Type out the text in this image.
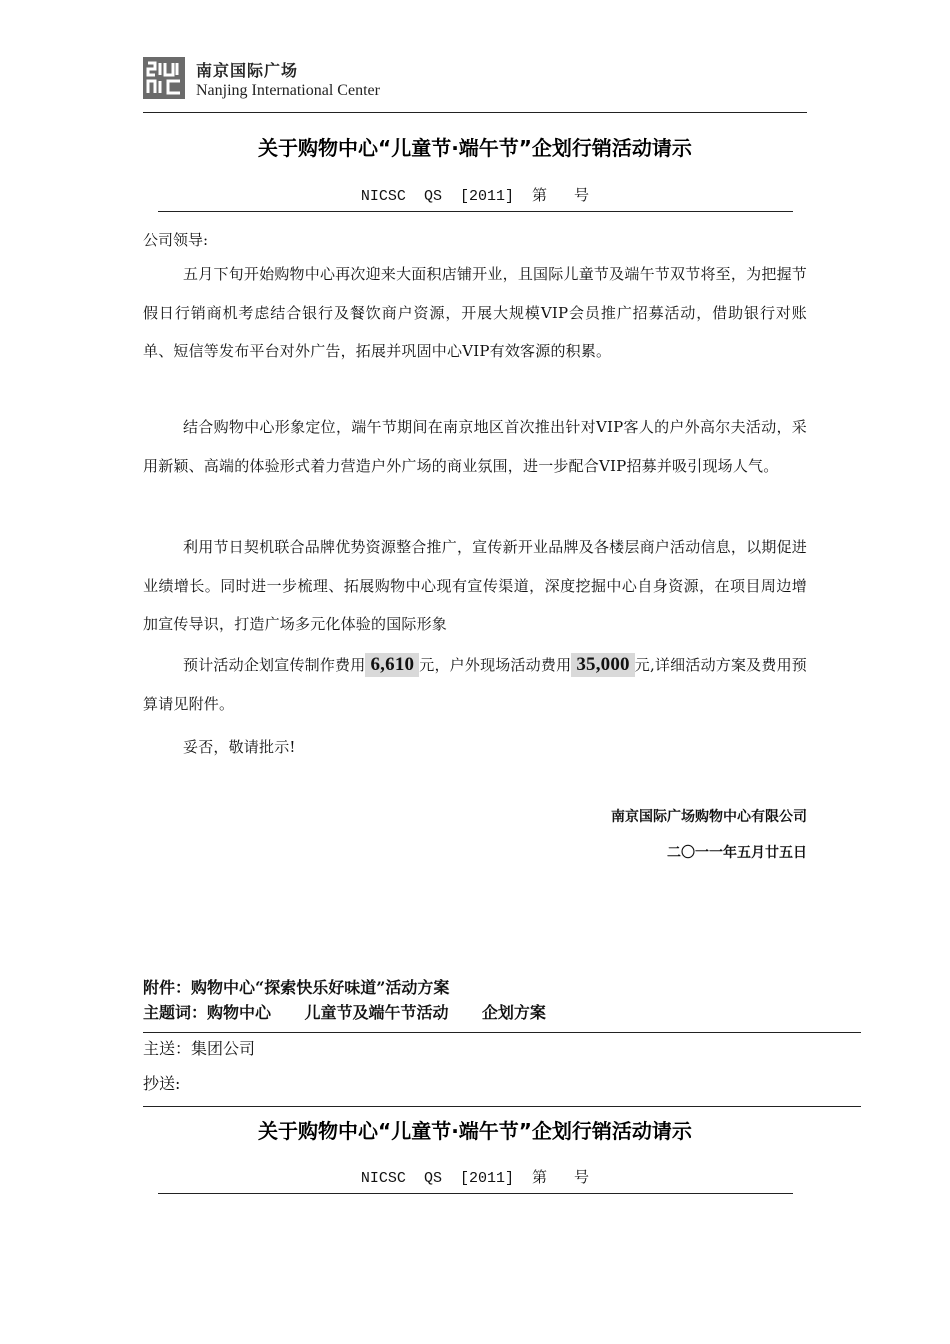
南京国际广场
Nanjing International Center
关于购物中心“儿童节·端午节”企划行销活动请示
NICSC QS [2011] 第 号
公司领导:
五月下旬开始购物中心再次迎来大面积店铺开业，且国际儿童节及端午节双节将至，为把握节假日行销商机考虑结合银行及餐饮商户资源，开展大规模VIP会员推广招募活动，借助银行对账单、短信等发布平台对外广告，拓展并巩固中心VIP有效客源的积累。
结合购物中心形象定位，端午节期间在南京地区首次推出针对VIP客人的户外高尔夫活动，采用新颖、高端的体验形式着力营造户外广场的商业氛围，进一步配合VIP招募并吸引现场人气。
利用节日契机联合品牌优势资源整合推广，宣传新开业品牌及各楼层商户活动信息，以期促进业绩增长。同时进一步梳理、拓展购物中心现有宣传渠道，深度挖掘中心自身资源，在项目周边增加宣传导识，打造广场多元化体验的国际形象
预计活动企划宣传制作费用 6,610 元，户外现场活动费用 35,000 元,详细活动方案及费用预算请见附件。
妥否，敬请批示!
南京国际广场购物中心有限公司
二〇一一年五月廿五日
附件：购物中心“探索快乐好味道”活动方案
主题词：购物中心 儿童节及端午节活动 企划方案
主送：集团公司
抄送:
关于购物中心“儿童节·端午节”企划行销活动请示
NICSC QS [2011] 第 号
